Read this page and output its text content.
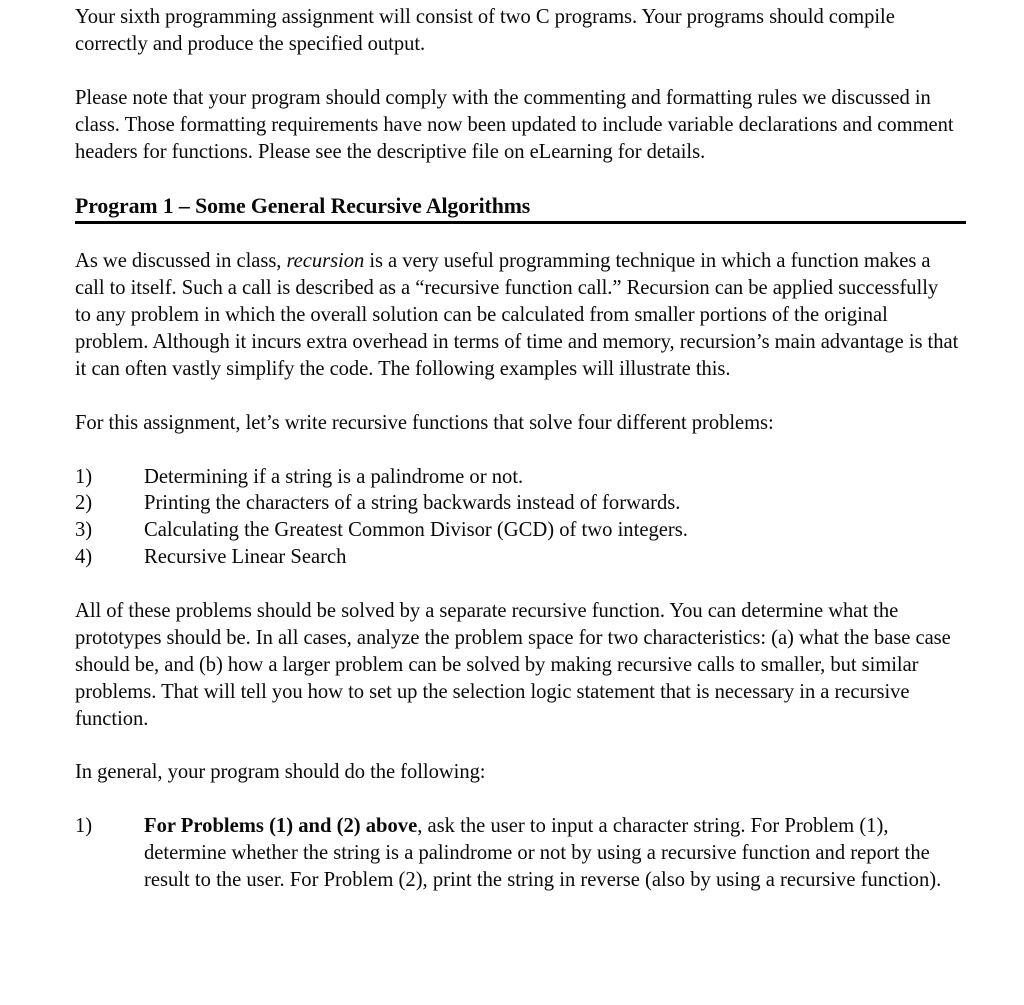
Your sixth programming assignment will consist of two C programs. Your programs should compile correctly and produce the specified output.

Please note that your program should comply with the commenting and formatting rules we discussed in class. Those formatting requirements have now been updated to include variable declarations and comment headers for functions. Please see the descriptive file on eLearning for details.

Program 1 – Some General Recursive Algorithms

As we discussed in class, recursion is a very useful programming technique in which a function makes a call to itself. Such a call is described as a “recursive function call.” Recursion can be applied successfully to any problem in which the overall solution can be calculated from smaller portions of the original problem. Although it incurs extra overhead in terms of time and memory, recursion’s main advantage is that it can often vastly simplify the code. The following examples will illustrate this.

For this assignment, let’s write recursive functions that solve four different problems:

1)	Determining if a string is a palindrome or not.
2)	Printing the characters of a string backwards instead of forwards.
3)	Calculating the Greatest Common Divisor (GCD) of two integers.
4)	Recursive Linear Search

All of these problems should be solved by a separate recursive function. You can determine what the prototypes should be. In all cases, analyze the problem space for two characteristics: (a) what the base case should be, and (b) how a larger problem can be solved by making recursive calls to smaller, but similar problems. That will tell you how to set up the selection logic statement that is necessary in a recursive function.

In general, your program should do the following:

1)	For Problems (1) and (2) above, ask the user to input a character string. For Problem (1), determine whether the string is a palindrome or not by using a recursive function and report the result to the user. For Problem (2), print the string in reverse (also by using a recursive function).
